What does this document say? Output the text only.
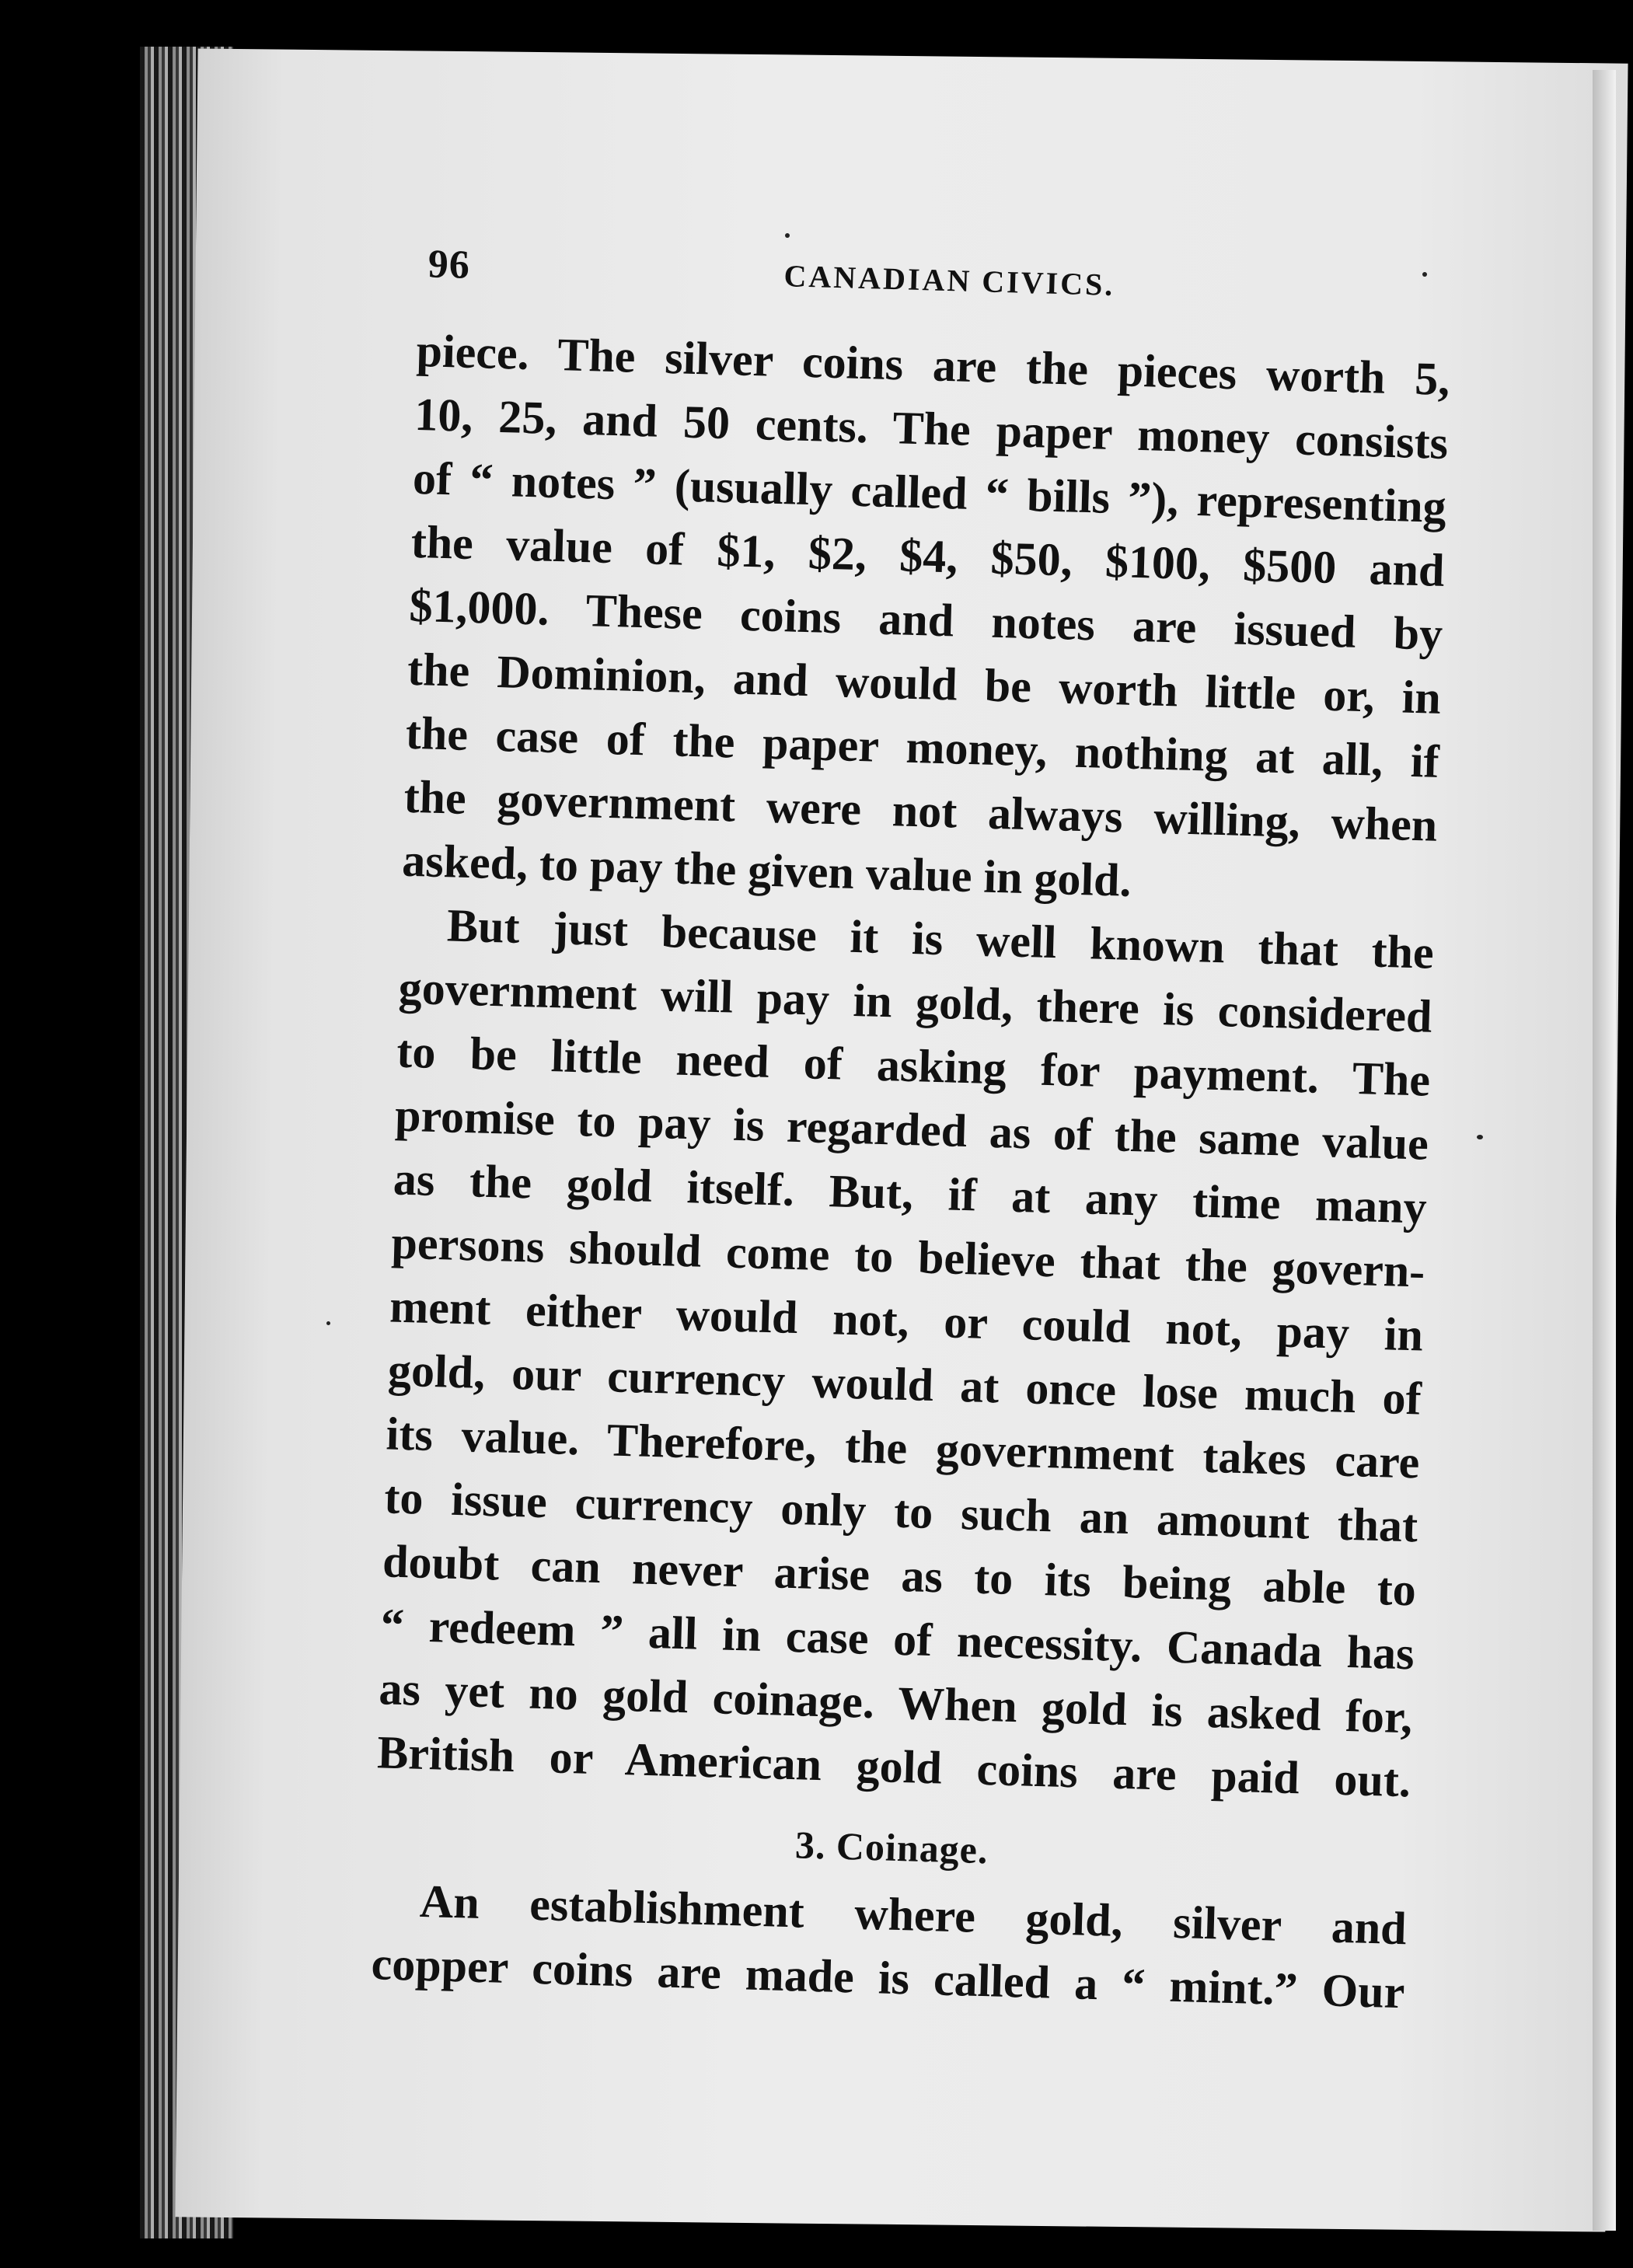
96	CANADIAN CIVICS.
piece. The silver coins are the pieces worth 5,
10, 25, and 50 cents. The paper money consists
of “ notes ” (usually called “ bills ”), representing
the value of $1, $2, $4, $50, $100, $500 and
$1,000. These coins and notes are issued by
the Dominion, and would be worth little or, in
the case of the paper money, nothing at all, if
the government were not always willing, when
asked, to pay the given value in gold.
But just because it is well known that the
government will pay in gold, there is considered
to be little need of asking for payment. The
promise to pay is regarded as of the same value
as the gold itself. But, if at any time many
persons should come to believe that the govern-
ment either would not, or could not, pay in
gold, our currency would at once lose much of
its value. Therefore, the government takes care
to issue currency only to such an amount that
doubt can never arise as to its being able to
“ redeem ” all in case of necessity. Canada has
as yet no gold coinage. When gold is asked for,
British or American gold coins are paid out.
3. Coinage.
An establishment where gold, silver and
copper coins are made is called a “ mint.” Our
